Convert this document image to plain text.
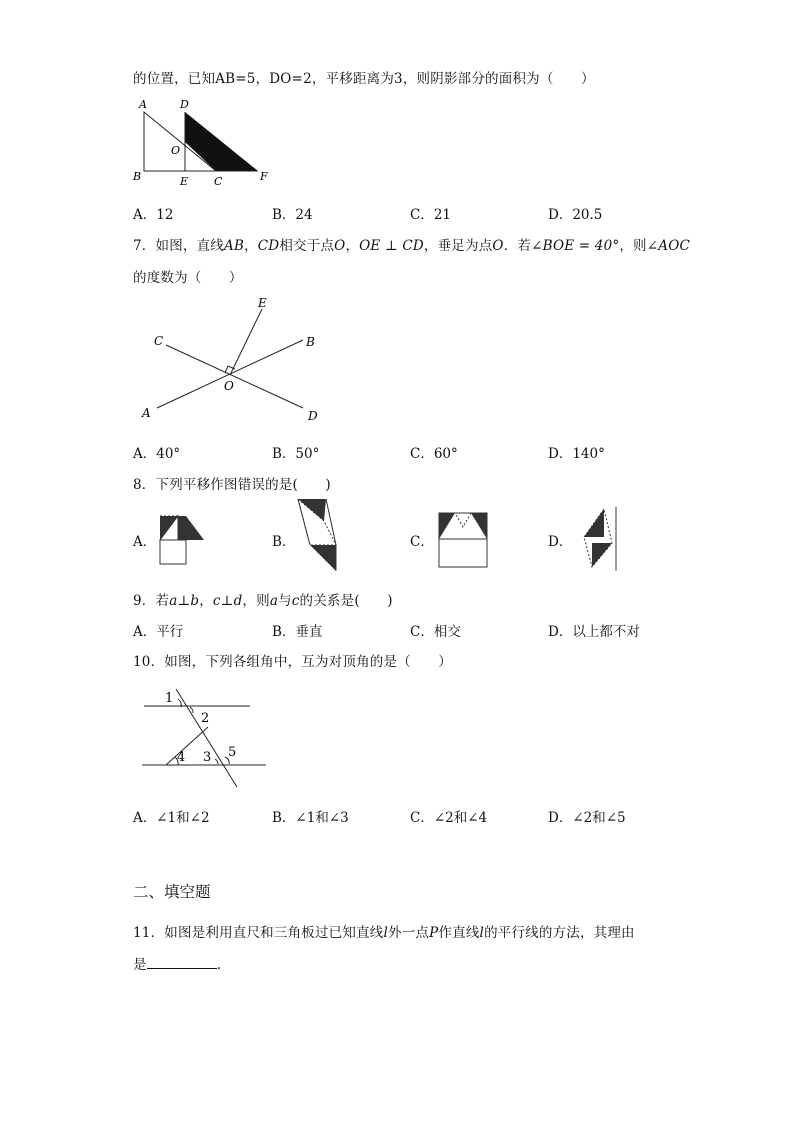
的位置，已知AB=5，DO=2，平移距离为3，则阴影部分的面积为（　　）
A	D
O
B	E C	F
A．12	B．24	C．21	D．20.5
7．如图，直线AB，CD相交于点O，OE ⊥ CD，垂足为点O．若∠BOE = 40°，则∠AOC
的度数为（　　）
E
C	B
O
A	D
A．40°	B．50°	C．60°	D．140°
8．下列平移作图错误的是(　　)
A．	B．	C．	D．
9．若a⊥b，c⊥d，则a与c的关系是(　　)
A．平行	B．垂直	C．相交	D．以上都不对
10．如图，下列各组角中，互为对顶角的是（　　）
1
2
4 3 5
A．∠1和∠2	B．∠1和∠3	C．∠2和∠4	D．∠2和∠5
二、填空题
11．如图是利用直尺和三角板过已知直线l外一点P作直线l的平行线的方法，其理由
是	.
